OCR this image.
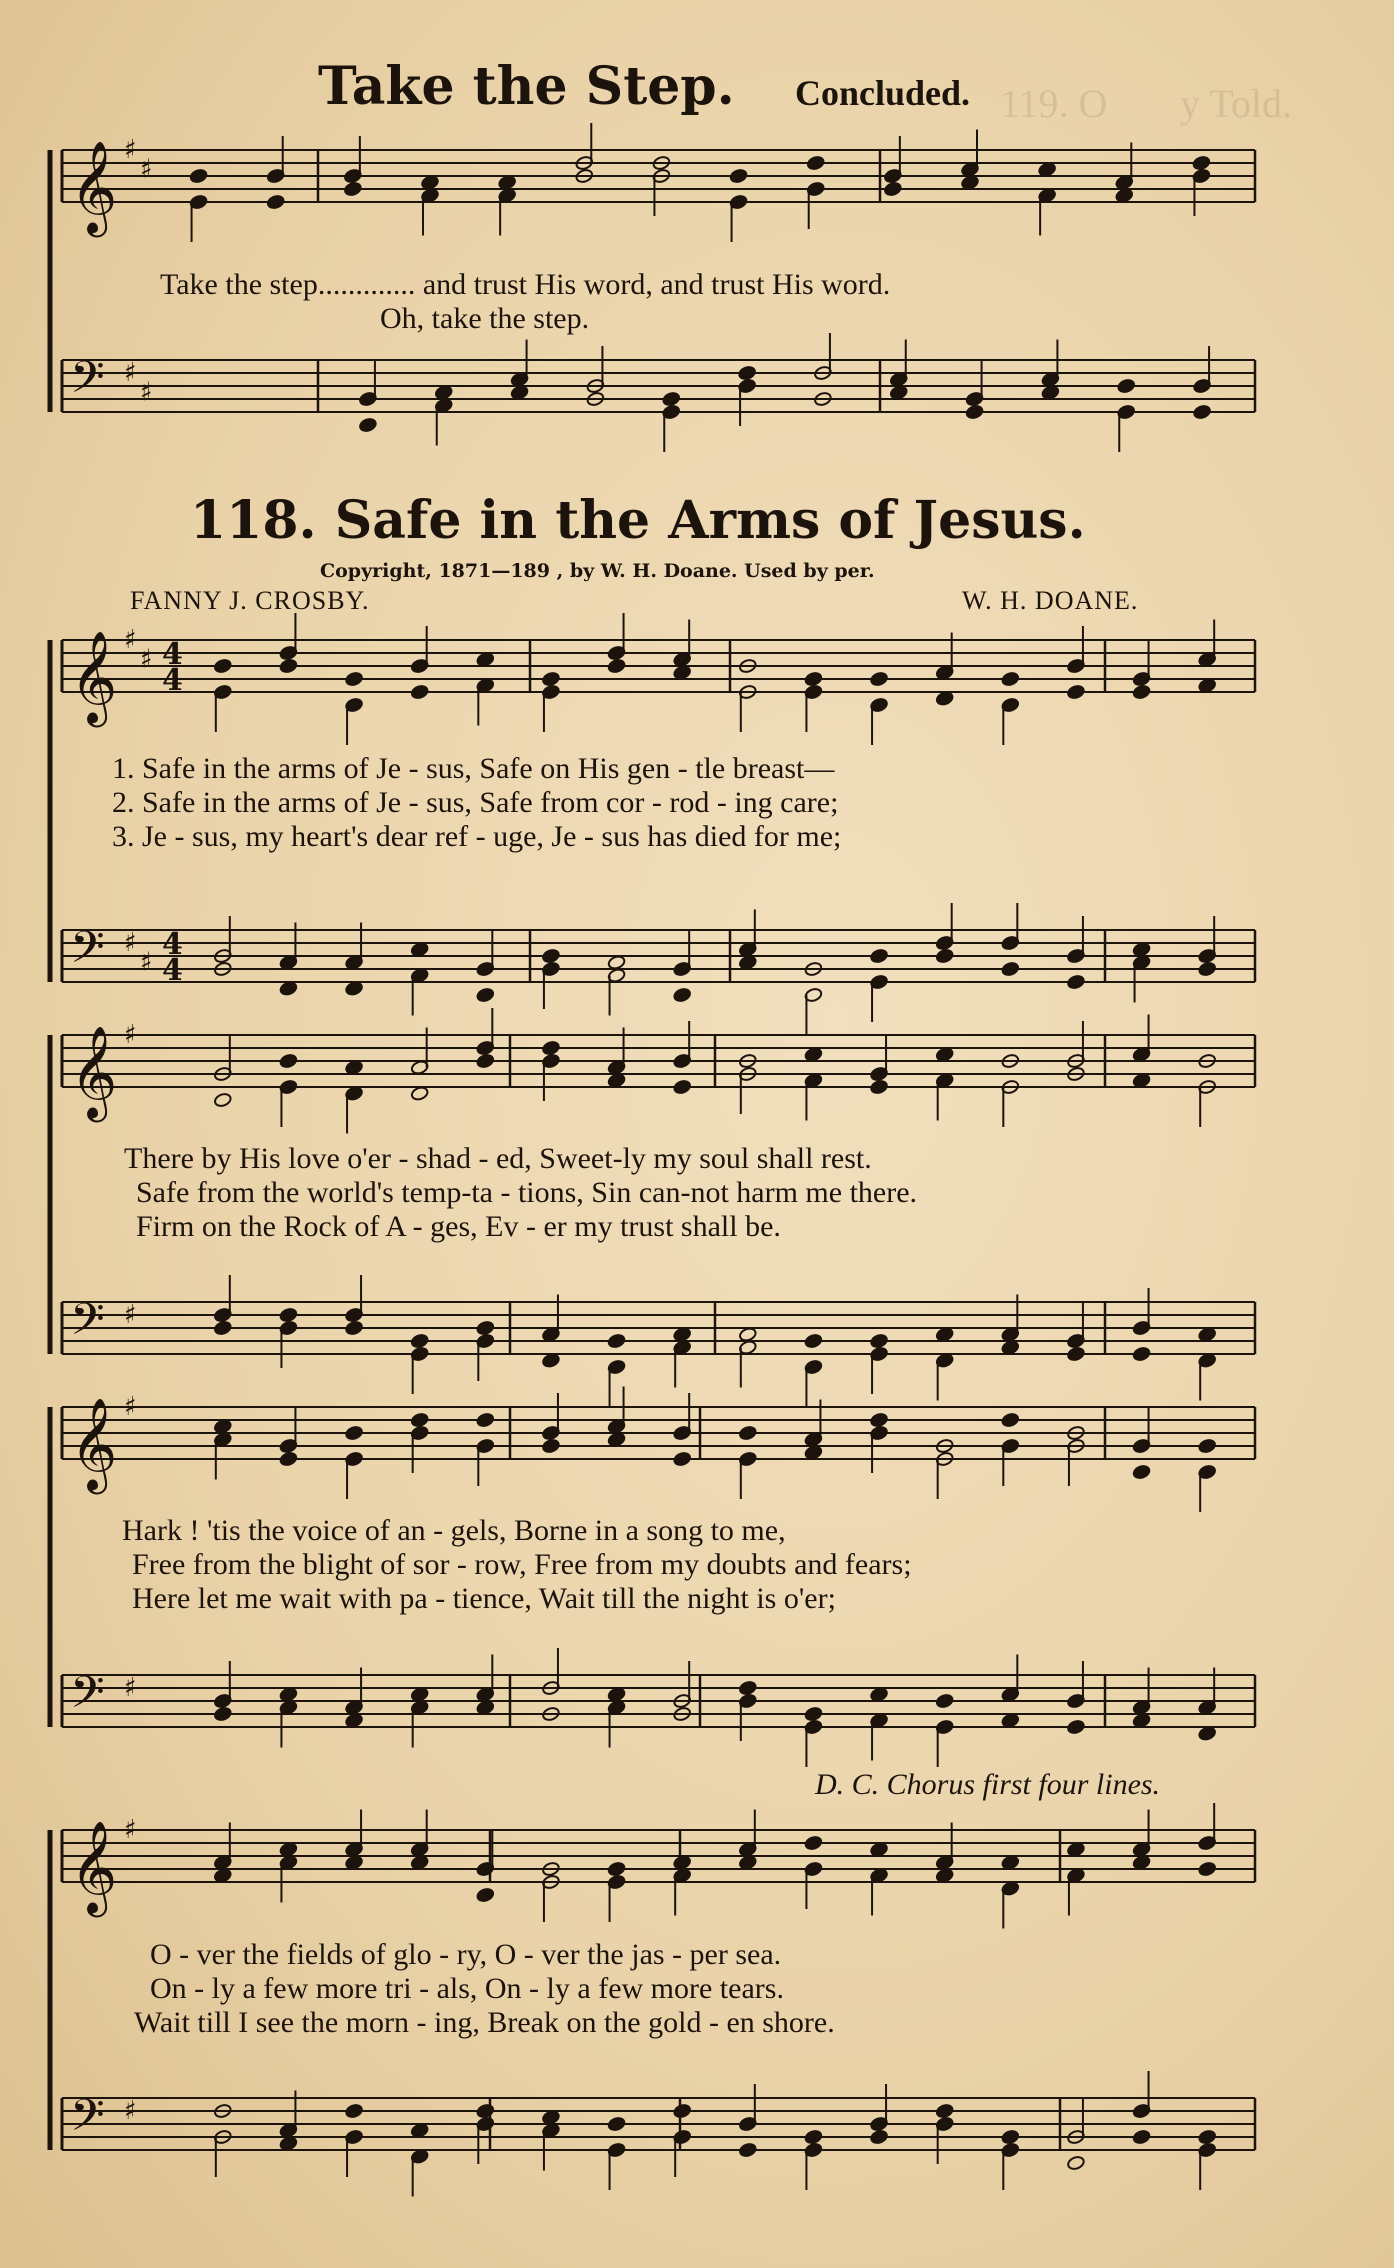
119. O y Told.
Take the Step. Concluded.
Take the step............. and trust His word, and trust His word.
Oh, take the step.
118. Safe in the Arms of Jesus.
Copyright, 1871—189 , by W. H. Doane. Used by per.
FANNY J. CROSBY.	W. H. DOANE.
1. Safe in the arms of Je - sus, Safe on His gen - tle breast—
2. Safe in the arms of Je - sus, Safe from cor - rod - ing care;
3. Je - sus, my heart's dear ref - uge, Je - sus has died for me;
There by His love o'er - shad - ed, Sweet-ly my soul shall rest.
Safe from the world's temp-ta - tions, Sin can-not harm me there.
Firm on the Rock of A - ges, Ev - er my trust shall be.
Hark ! 'tis the voice of an - gels, Borne in a song to me,
Free from the blight of sor - row, Free from my doubts and fears;
Here let me wait with pa - tience, Wait till the night is o'er;
D. C. Chorus first four lines.
O - ver the fields of glo - ry, O - ver the jas - per sea.
On - ly a few more tri - als, On - ly a few more tears.
Wait till I see the morn - ing, Break on the gold - en shore.
𝄞 ♯
♯
𝄢 ♯
♯
𝄞 ♯
♯ 4
4
𝄢 ♯
♯
4
4
𝄞 ♯
𝄢 ♯
𝄞 ♯
𝄢 ♯
𝄞 ♯
𝄢 ♯
